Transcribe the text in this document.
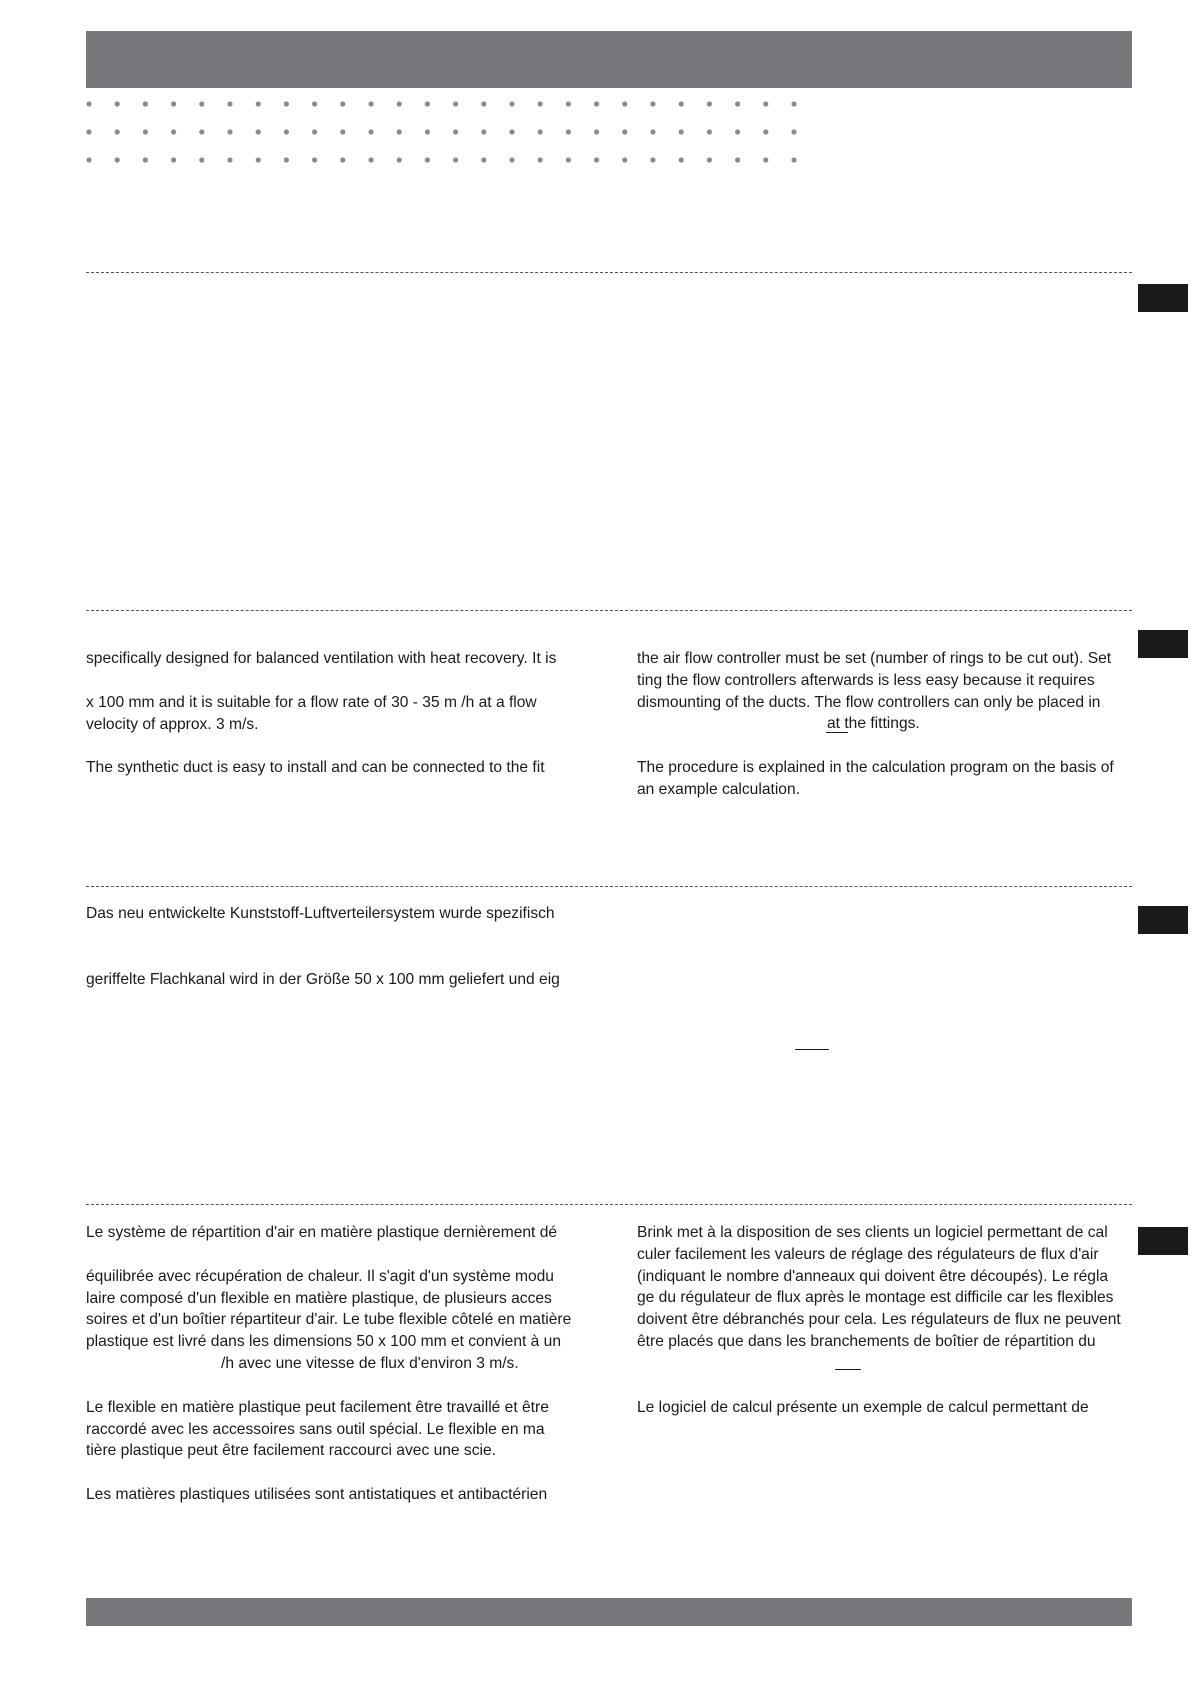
specifically designed for balanced ventilation with heat recovery. It is

x 100 mm and it is suitable for a flow rate of 30 - 35 m /h at a flow

velocity of approx. 3 m/s.

The synthetic duct is easy to install and can be connected to the fit

the air flow controller must be set (number of rings to be cut out). Set

ting the flow controllers afterwards is less easy because it requires

dismounting of the ducts. The flow controllers can only be placed in

at the fittings.

The procedure is explained in the calculation program on the basis of

an example calculation.

Das neu entwickelte Kunststoff-Luftverteilersystem wurde spezifisch

geriffelte Flachkanal wird in der Größe 50 x 100 mm geliefert und eig

Le système de répartition d'air en matière plastique dernièrement dé

équilibrée avec récupération de chaleur. Il s'agit d'un système modu

laire composé d'un flexible en matière plastique, de plusieurs acces

soires et d'un boîtier répartiteur d'air. Le tube flexible côtelé en matière

plastique est livré dans les dimensions 50 x 100 mm et convient à un

/h avec une vitesse de flux d'environ 3 m/s.

Le flexible en matière plastique peut facilement être travaillé et être

raccordé avec les accessoires sans outil spécial. Le flexible en ma

tière plastique peut être facilement raccourci avec une scie.

Les matières plastiques utilisées sont antistatiques et antibactérien

Brink met à la disposition de ses clients un logiciel permettant de cal

culer facilement les valeurs de réglage des régulateurs de flux d'air

(indiquant le nombre d'anneaux qui doivent être découpés). Le régla

ge du régulateur de flux après le montage est difficile car les flexibles

doivent être débranchés pour cela. Les régulateurs de flux ne peuvent

être placés que dans les branchements de boîtier de répartition du

Le logiciel de calcul présente un exemple de calcul permettant de
